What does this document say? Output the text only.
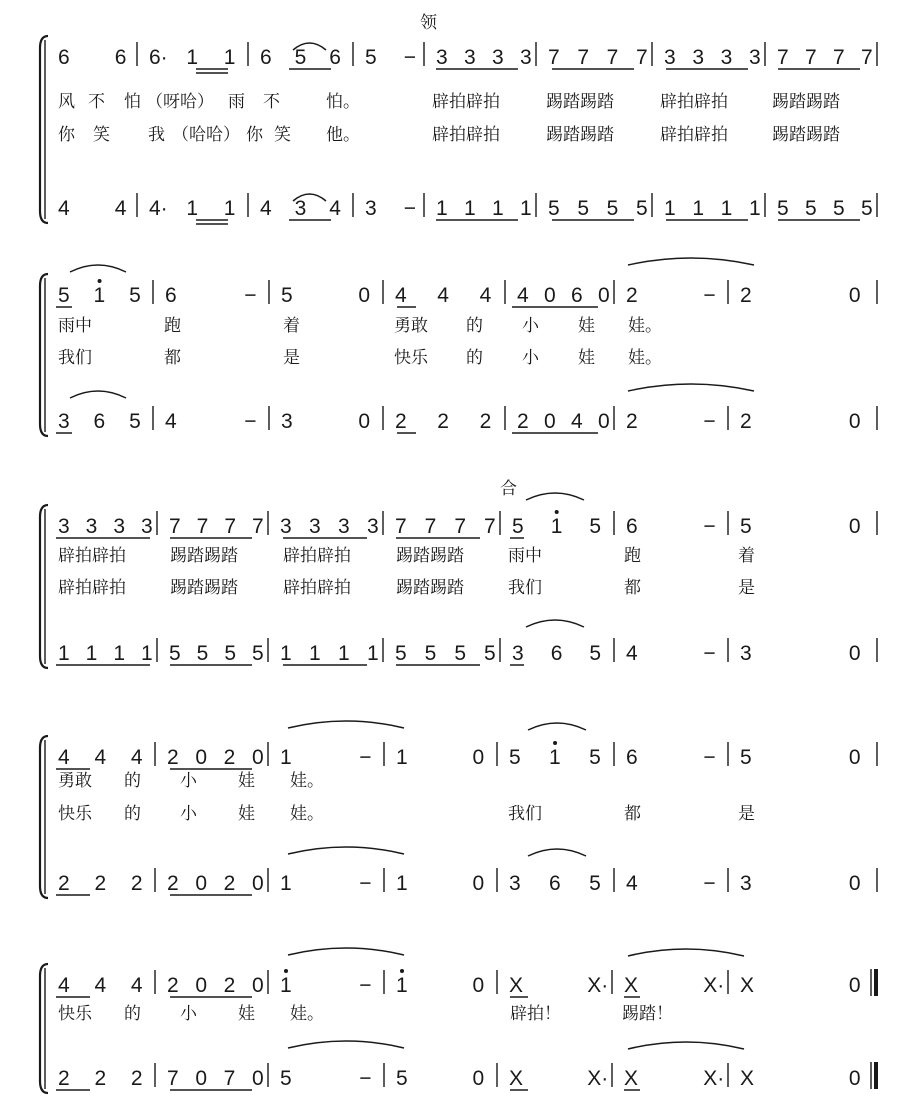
6 6 6· 1 1 6 5 6 5 − 3 3 3 3 7 7 7 7 3 3 3 3 7 7 7 7
4 4 4· 1 1 4 3 4 3 − 1 1 1 1 5 5 5 5 1 1 1 1 5 5 5 5
风 不 怕 （呀哈） 雨 不	怕。	辟拍辟拍	踢踏踢踏	辟拍辟拍	踢踏踢踏
你 笑 我 （哈哈） 你 笑 他。	辟拍辟拍	踢踏踢踏	辟拍辟拍	踢踏踢踏
5 1 5 6	− 5	0 4 4 4 4 0 6 0 2	− 2	0
3 6 5 4	− 3	0 2 2 2 2 0 4 0 2	− 2	0
雨中	跑	着	勇敢 的 小 娃 娃。
我们	都	是	快乐 的 小 娃 娃。
3 3 3 3 7 7 7 7 3 3 3 3 7 7 7 7 5 1 5 6	− 5	0
1 1 1 1 5 5 5 5 1 1 1 1 5 5 5 5 3 6 5 4	− 3	0
辟拍辟拍	踢踏踢踏	辟拍辟拍	踢踏踢踏	雨中	跑	着
辟拍辟拍	踢踏踢踏	辟拍辟拍	踢踏踢踏	我们	都	是
4 4 4 2 0 2 0 1	− 1	0 5 1 5 6	− 5	0
2 2 2 2 0 2 0 1	− 1	0 3 6 5 4	− 3	0
勇敢 的 小 娃 娃。
快乐 的 小 娃 娃。	我们	都	是
4 4 4 2 0 2 0 1	− 1	0 X	X· X	X· X	0
2 2 2 7 0 7 0 5	− 5	0 X	X· X	X· X	0
快乐 的 小 娃 娃。	辟拍！	踢踏！
领
合
